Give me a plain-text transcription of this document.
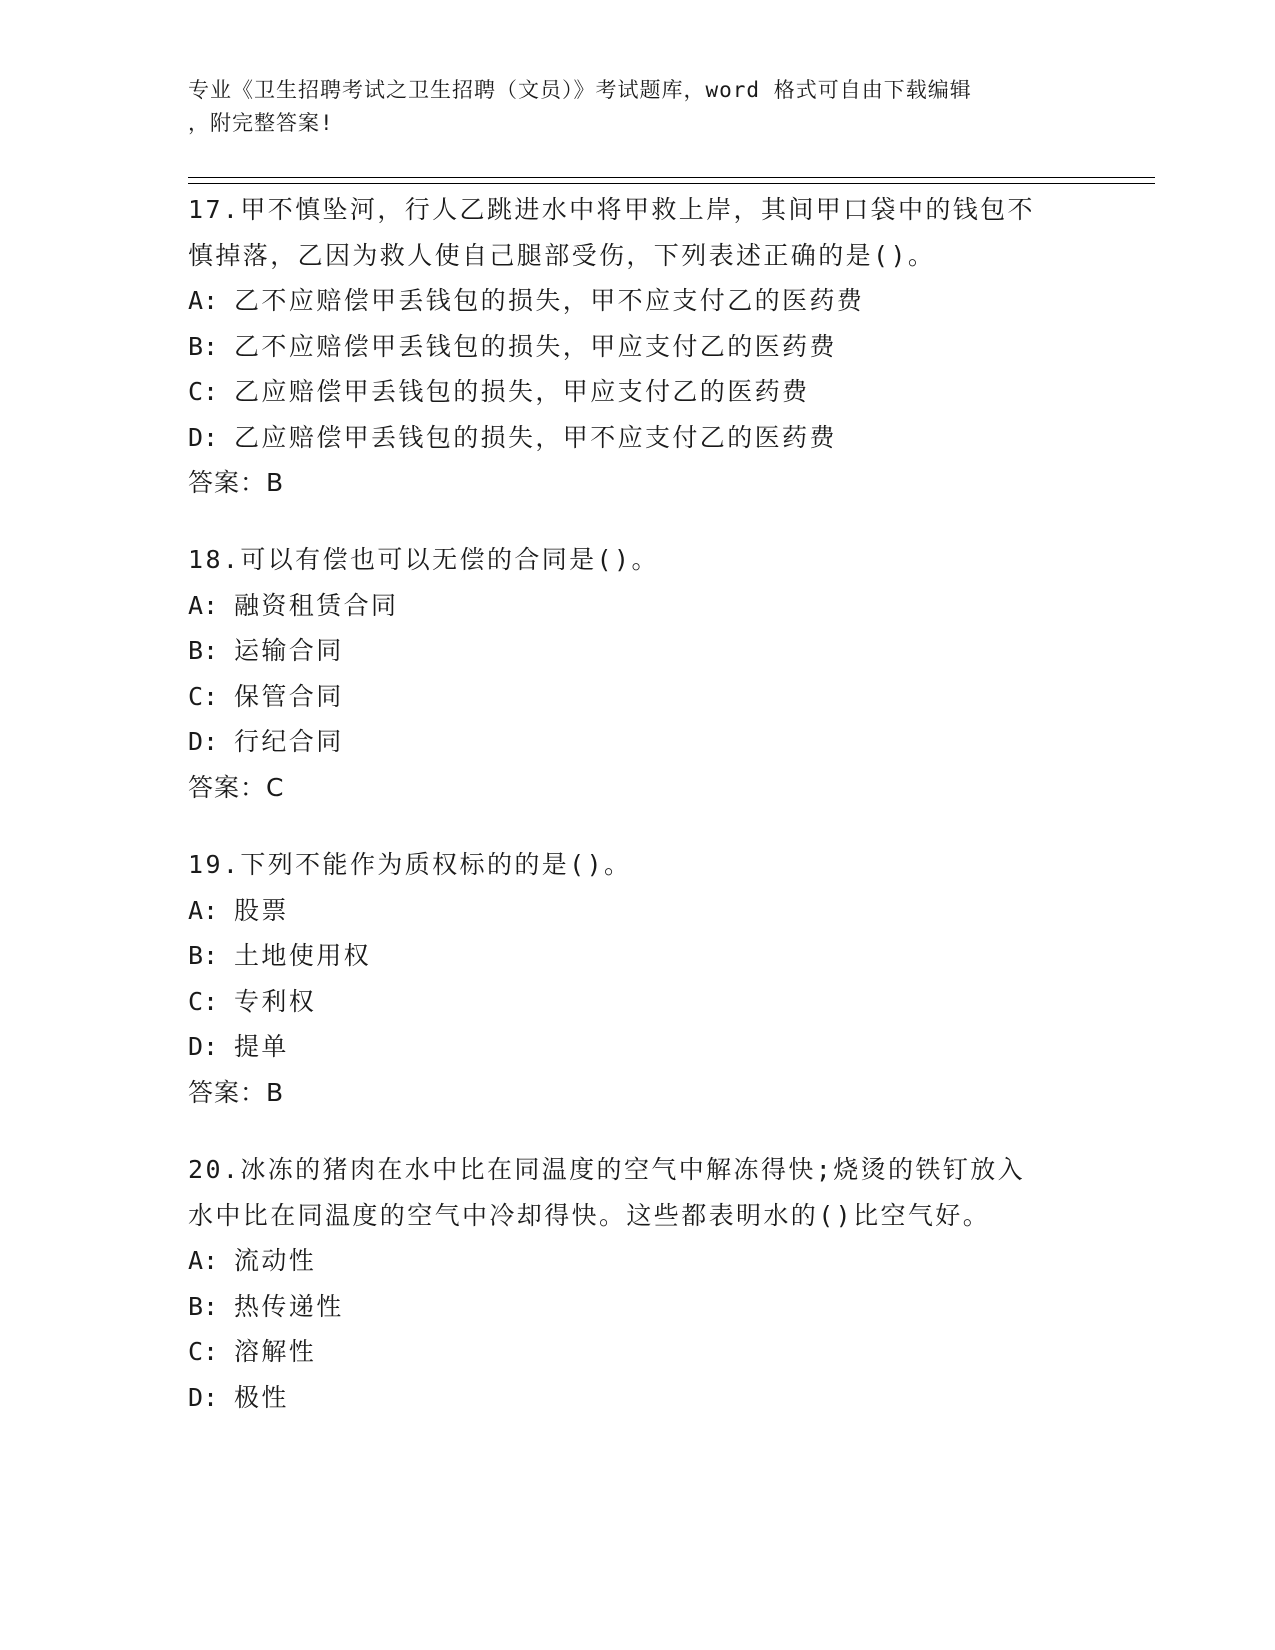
专业《卫生招聘考试之卫生招聘（文员）》考试题库，word 格式可自由下载编辑
，附完整答案!

17.甲不慎坠河，行人乙跳进水中将甲救上岸，其间甲口袋中的钱包不

慎掉落，乙因为救人使自己腿部受伤，下列表述正确的是()。

A: 乙不应赔偿甲丢钱包的损失，甲不应支付乙的医药费

B: 乙不应赔偿甲丢钱包的损失，甲应支付乙的医药费

C: 乙应赔偿甲丢钱包的损失，甲应支付乙的医药费

D: 乙应赔偿甲丢钱包的损失，甲不应支付乙的医药费

答案：B

18.可以有偿也可以无偿的合同是()。

A: 融资租赁合同

B: 运输合同

C: 保管合同

D: 行纪合同

答案：C

19.下列不能作为质权标的的是()。

A: 股票

B: 土地使用权

C: 专利权

D: 提单

答案：B

20.冰冻的猪肉在水中比在同温度的空气中解冻得快;烧烫的铁钉放入

水中比在同温度的空气中冷却得快。这些都表明水的()比空气好。

A: 流动性

B: 热传递性

C: 溶解性

D: 极性
